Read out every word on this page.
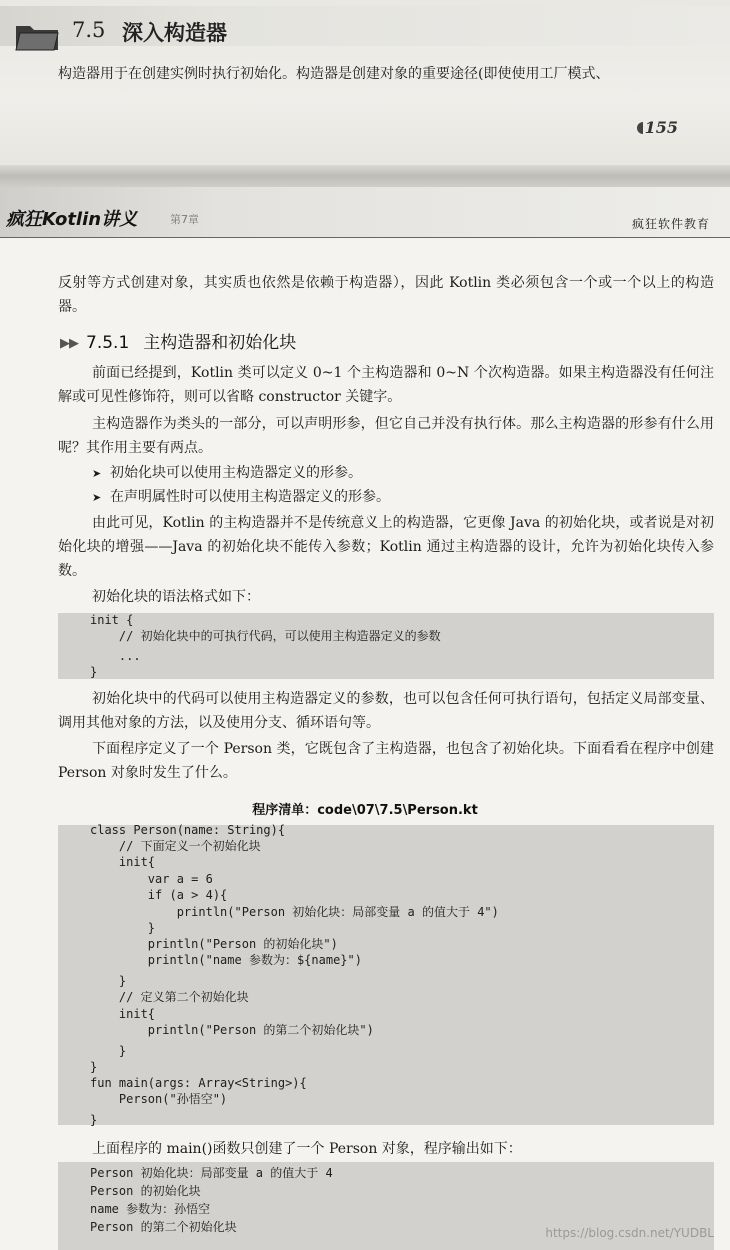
7.5 深入构造器
构造器用于在创建实例时执行初始化。构造器是创建对象的重要途径(即使使用工厂模式、
155
疯狂Kotlin讲义	第7章	疯狂软件教育
反射等方式创建对象，其实质也依然是依赖于构造器），因此 Kotlin 类必须包含一个或一个以上的构造器。
▶▶ 7.5.1 主构造器和初始化块
前面已经提到，Kotlin 类可以定义 0~1 个主构造器和 0~N 个次构造器。如果主构造器没有任何注解或可见性修饰符，则可以省略 constructor 关键字。
主构造器作为类头的一部分，可以声明形参，但它自己并没有执行体。那么主构造器的形参有什么用呢？其作用主要有两点。
➤ 初始化块可以使用主构造器定义的形参。
➤ 在声明属性时可以使用主构造器定义的形参。
由此可见，Kotlin 的主构造器并不是传统意义上的构造器，它更像 Java 的初始化块，或者说是对初始化块的增强——Java 的初始化块不能传入参数；Kotlin 通过主构造器的设计，允许为初始化块传入参数。
初始化块的语法格式如下：
init {
// 初始化块中的可执行代码，可以使用主构造器定义的参数
...
}
初始化块中的代码可以使用主构造器定义的参数，也可以包含任何可执行语句，包括定义局部变量、调用其他对象的方法，以及使用分支、循环语句等。
下面程序定义了一个 Person 类，它既包含了主构造器，也包含了初始化块。下面看看在程序中创建 Person 对象时发生了什么。
程序清单：code\07\7.5\Person.kt
class Person(name: String){
// 下面定义一个初始化块
init{
var a = 6
if (a > 4){
println("Person 初始化块：局部变量 a 的值大于 4")
}
println("Person 的初始化块")
println("name 参数为：${name}")
}
// 定义第二个初始化块
init{
println("Person 的第二个初始化块")
}
}
fun main(args: Array<String>){
Person("孙悟空")
}
上面程序的 main()函数只创建了一个 Person 对象，程序输出如下：
Person 初始化块：局部变量 a 的值大于 4
Person 的初始化块
name 参数为：孙悟空
Person 的第二个初始化块	https://blog.csdn.net/YUDBL
